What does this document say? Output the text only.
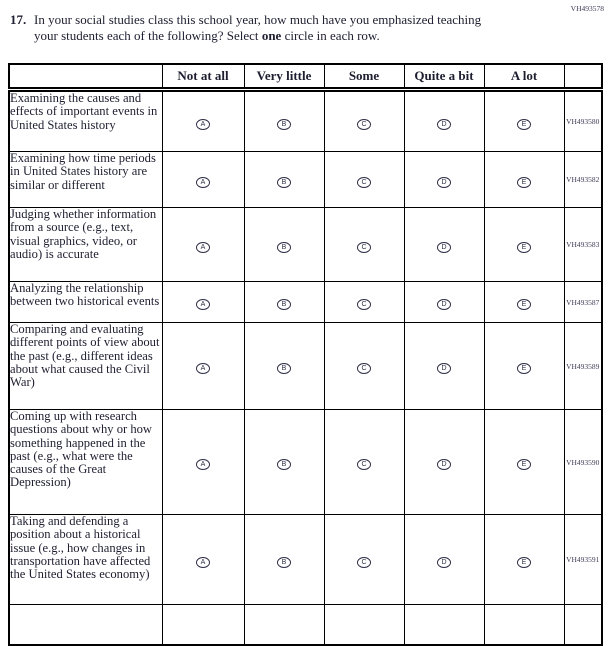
VH493578
17. In your social studies class this school year, how much have you emphasized teaching your students each of the following? Select one circle in each row.
	Not at all	Very little	Some	Quite a bit	A lot	
Examining the causes and effects of important events in United States history	A	B	C	D	E	VH493580
Examining how time periods in United States history are similar or different	A	B	C	D	E	VH493582
Judging whether information from a source (e.g., text, visual graphics, video, or audio) is accurate	A	B	C	D	E	VH493583
Analyzing the relationship between two historical events	A	B	C	D	E	VH493587
Comparing and evaluating different points of view about the past (e.g., different ideas about what caused the Civil War)	A	B	C	D	E	VH493589
Coming up with research questions about why or how something happened in the past (e.g., what were the causes of the Great Depression)	A	B	C	D	E	VH493590
Taking and defending a position about a historical issue (e.g., how changes in transportation have affected the United States economy)	A	B	C	D	E	VH493591
